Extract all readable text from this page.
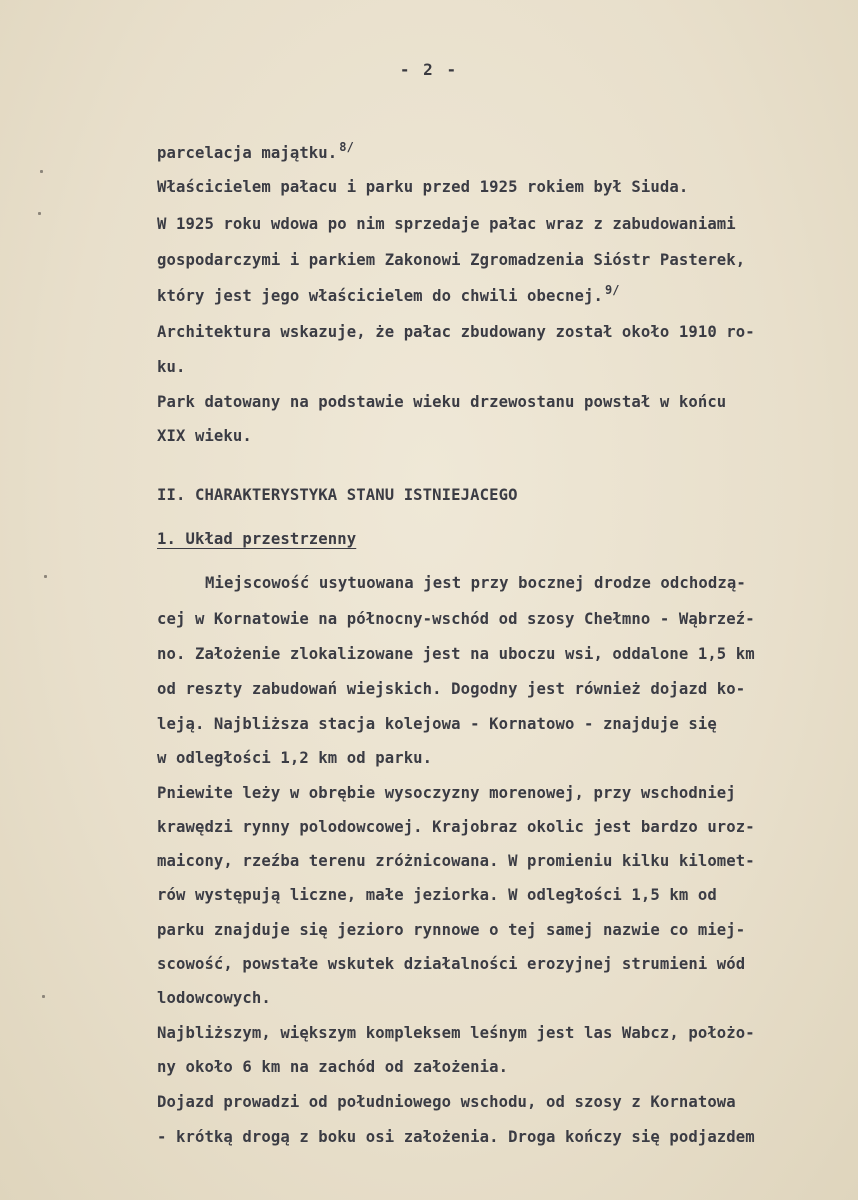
- 2 -
parcelacja majątku. $^{8/}$
Właścicielem pałacu i parku przed 1925 rokiem był Siuda.
W 1925 roku wdowa po nim sprzedaje pałac wraz z zabudowaniami
gospodarczymi i parkiem Zakonowi Zgromadzenia Sióstr Pasterek,
który jest jego właścicielem do chwili obecnej. $^{9/}$
Architektura wskazuje, że pałac zbudowany został około 1910 ro-
ku.
Park datowany na podstawie wieku drzewostanu powstał w końcu
XIX wieku.
II. CHARAKTERYSTYKA STANU ISTNIEJACEGO
1. Układ przestrzenny
Miejscowość usytuowana jest przy bocznej drodze odchodzą-
cej w Kornatowie na północny-wschód od szosy Chełmno - Wąbrzeź-
no. Założenie zlokalizowane jest na uboczu wsi, oddalone 1,5 km
od reszty zabudowań wiejskich. Dogodny jest również dojazd ko-
leją. Najbliższa stacja kolejowa - Kornatowo - znajduje się
w odległości 1,2 km od parku.
Pniewite leży w obrębie wysoczyzny morenowej, przy wschodniej
krawędzi rynny polodowcowej. Krajobraz okolic jest bardzo uroz-
maicony, rzeźba terenu zróżnicowana. W promieniu kilku kilomet-
rów występują liczne, małe jeziorka. W odległości 1,5 km od
parku znajduje się jezioro rynnowe o tej samej nazwie co miej-
scowość, powstałe wskutek działalności erozyjnej strumieni wód
lodowcowych.
Najbliższym, większym kompleksem leśnym jest las Wabcz, położo-
ny około 6 km na zachód od założenia.
Dojazd prowadzi od południowego wschodu, od szosy z Kornatowa
- krótką drogą z boku osi założenia. Droga kończy się podjazdem
